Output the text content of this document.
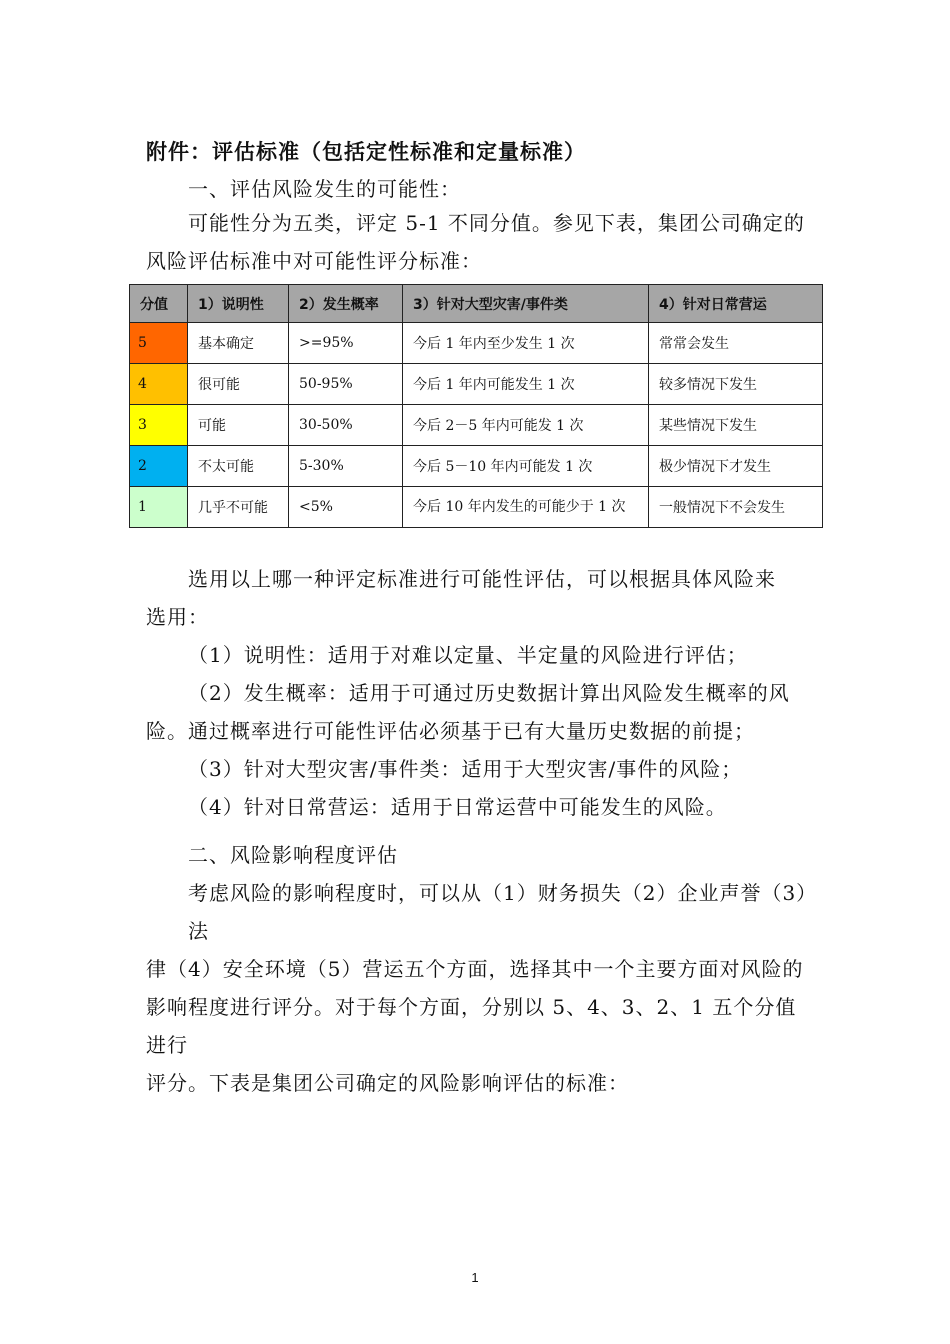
附件：评估标准（包括定性标准和定量标准）
一、评估风险发生的可能性：
可能性分为五类，评定 5-1 不同分值。参见下表，集团公司确定的
风险评估标准中对可能性评分标准：
分值	1）说明性	2）发生概率	3）针对大型灾害/事件类	4）针对日常营运
5	基本确定	>=95%	今后 1 年内至少发生 1 次	常常会发生
4	很可能	50-95%	今后 1 年内可能发生 1 次	较多情况下发生
3	可能	30-50%	今后 2－5 年内可能发 1 次	某些情况下发生
2	不太可能	5-30%	今后 5－10 年内可能发 1 次	极少情况下才发生
1	几乎不可能	<5%	今后 10 年内发生的可能少于 1 次	一般情况下不会发生
选用以上哪一种评定标准进行可能性评估，可以根据具体风险来
选用：
（1）说明性：适用于对难以定量、半定量的风险进行评估；
（2）发生概率：适用于可通过历史数据计算出风险发生概率的风
险。通过概率进行可能性评估必须基于已有大量历史数据的前提；
（3）针对大型灾害/事件类：适用于大型灾害/事件的风险；
（4）针对日常营运：适用于日常运营中可能发生的风险。
二、风险影响程度评估
考虑风险的影响程度时，可以从（1）财务损失（2）企业声誉（3）法
律（4）安全环境（5）营运五个方面，选择其中一个主要方面对风险的
影响程度进行评分。对于每个方面，分别以 5、4、3、2、1 五个分值进行
评分。下表是集团公司确定的风险影响评估的标准：
1
